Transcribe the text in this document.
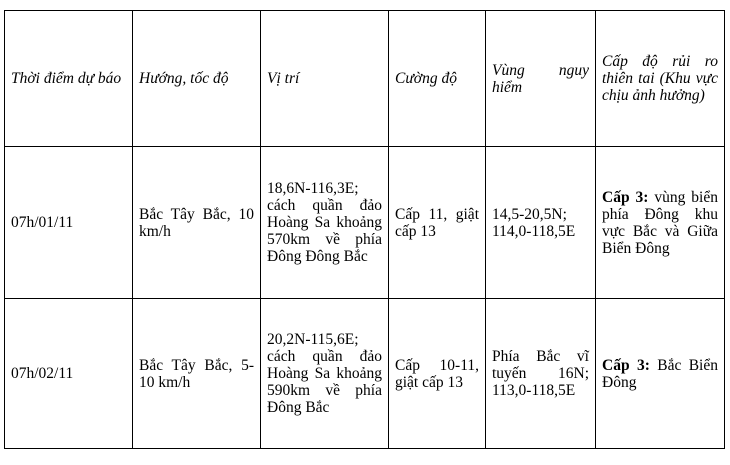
Thời điểm dự báo	Hướng, tốc độ	Vị trí	Cường độ	Vùng nguy hiểm	Cấp độ rủi ro thiên tai (Khu vực chịu ảnh hưởng)
07h/01/11	Bắc Tây Bắc, 10 km/h	18,6N-116,3E; cách quần đảo Hoàng Sa khoảng 570km về phía Đông Đông Bắc	Cấp 11, giật cấp 13	14,5-20,5N; 114,0-118,5E	Cấp 3: vùng biển phía Đông khu vực Bắc và Giữa Biển Đông
07h/02/11	Bắc Tây Bắc, 5-10 km/h	20,2N-115,6E; cách quần đảo Hoàng Sa khoảng 590km về phía Đông Bắc	Cấp 10-11, giật cấp 13	Phía Bắc vĩ tuyến 16N; 113,0-118,5E	Cấp 3: Bắc Biển Đông
